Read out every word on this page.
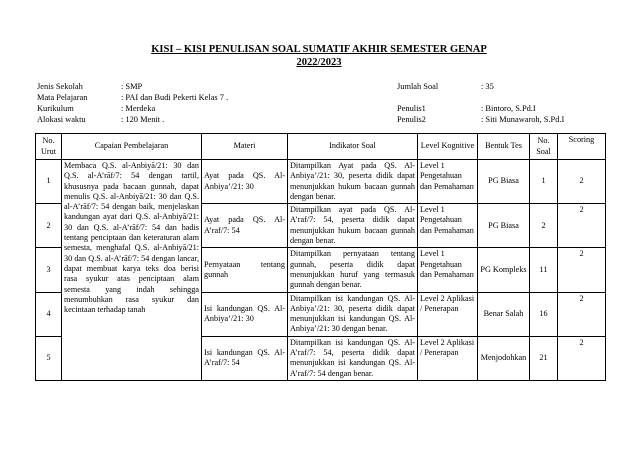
KISI – KISI PENULISAN SOAL SUMATIF AKHIR SEMESTER GENAP
2022/2023
Jenis Sekolah	: SMP
Mata Pelajaran	: PAI dan Budi Pekerti Kelas 7 .
Kurikulum	: Merdeka
Alokasi waktu	: 120 Menit .
Jumlah Soal	: 35

Penulis1	: Bintoro, S.Pd.I
Penulis2	: Siti Munawaroh, S.Pd.I
No. Urut	Capaian Pembelajaran	Materi	Indikator Soal	Level Kognitive	Bentuk Tes	No. Soal	Scoring
1	Membaca Q.S. al-Anbiyā/21: 30 dan Q.S. al-A’rāf/7: 54 dengan tartil, khususnya pada bacaan gunnah, dapat menulis Q.S. al-Anbiyā/21: 30 dan Q.S. al-A’rāf/7: 54 dengan baik, menjelaskan kandungan ayat dari Q.S. al-Anbiyā/21: 30 dan Q.S. al-A’rāf/7: 54 dan hadis tentang penciptaan dan keteraturan alam semesta, menghafal Q.S. al-Anbiyā/21: 30 dan Q.S. al-A’rāf/7: 54 dengan lancar, dapat membuat karya teks doa berisi rasa syukur atas penciptaan alam semesta yang indah sehingga menumbuhkan rasa syukur dan kecintaan terhadap tanah	Ayat pada QS. Al-Anbiya’/21: 30	Ditampilkan Ayat pada QS. Al-Anbiya’/21: 30, peserta didik dapat menunjukkan hukum bacaan gunnah dengan benar.	Level 1 Pengetahuan dan Pemahaman	PG Biasa	1	2
2		Ayat pada QS. Al-A’raf/7: 54	Ditampilkan ayat pada QS. Al-A’raf/7: 54, peserta didik dapat menunjukkan hukum bacaan gunnah dengan benar.	Level 1 Pengetahuan dan Pemahaman	PG Biasa	2	2
3		Pernyataan tentang gunnah	Ditampilkan pernyataan tentang gunnah, peserta didik dapat menunjukkan huruf yang termasuk gunnah dengan benar.	Level 1 Pengetahuan dan Pemahaman	PG Kompleks	11	2
4		Isi kandungan QS. Al-Anbiya’/21: 30	Ditampilkan isi kandungan QS. Al-Anbiya’/21: 30, peserta didik dapat menunjukkan isi kandungan QS. Al-Anbiya’/21: 30 dengan benar.	Level 2 Aplikasi / Penerapan	Benar Salah	16	2
5		Isi kandungan QS. Al-A’raf/7: 54	Ditampilkan isi kandungan QS. Al-A’raf/7: 54, peserta didik dapat menunjukkan isi kandungan QS. Al-A’raf/7: 54 dengan benar.	Level 2 Aplikasi / Penerapan	Menjodohkan	21	2
